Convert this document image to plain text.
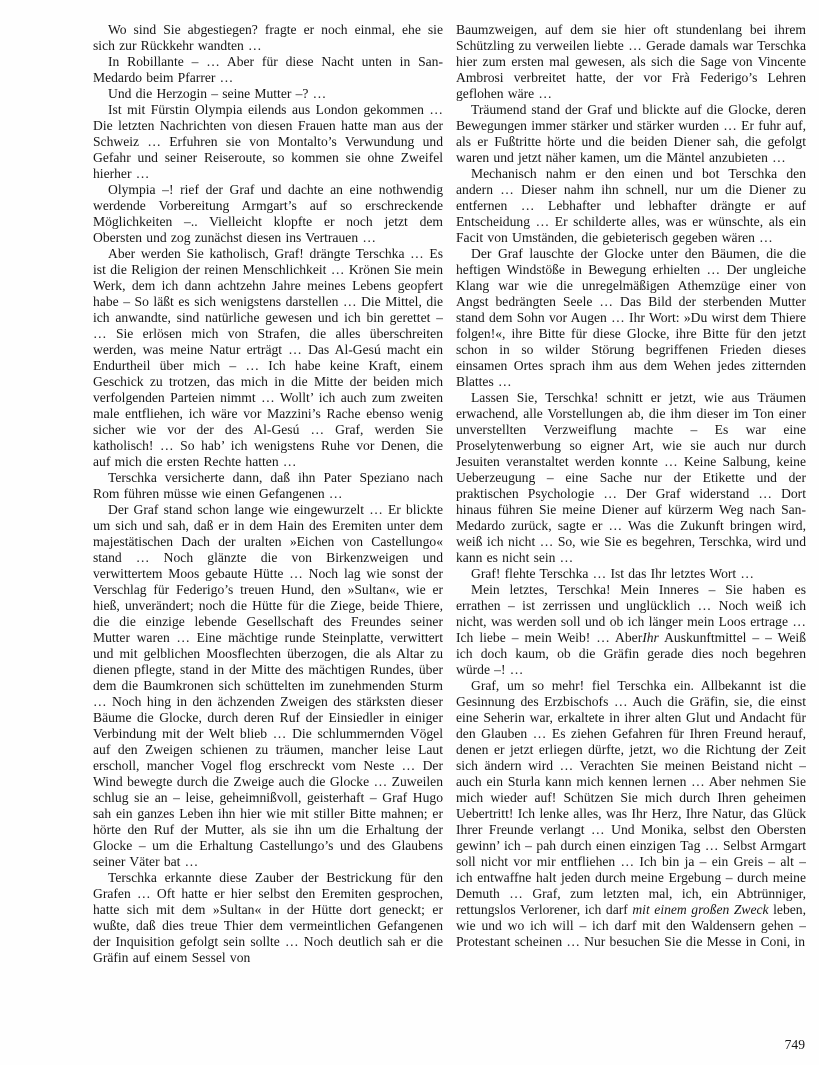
Wo sind Sie abgestiegen? fragte er noch einmal, ehe sie sich zur Rückkehr wandten …

In Robillante – … Aber für diese Nacht unten in San-Medardo beim Pfarrer …

Und die Herzogin – seine Mutter –? …

Ist mit Fürstin Olympia eilends aus London gekommen … Die letzten Nachrichten von diesen Frauen hatte man aus der Schweiz … Erfuhren sie von Montalto’s Verwundung und Gefahr und seiner Reiseroute, so kommen sie ohne Zweifel hierher …

Olympia –! rief der Graf und dachte an eine nothwendig werdende Vorbereitung Armgart’s auf so erschreckende Möglichkeiten –.. Vielleicht klopfte er noch jetzt dem Obersten und zog zunächst diesen ins Vertrauen …

Aber werden Sie katholisch, Graf! drängte Terschka … Es ist die Religion der reinen Menschlichkeit … Krönen Sie mein Werk, dem ich dann achtzehn Jahre meines Lebens geopfert habe – So läßt es sich wenigstens darstellen … Die Mittel, die ich anwandte, sind natürliche gewesen und ich bin gerettet – … Sie erlösen mich von Strafen, die alles überschreiten werden, was meine Natur erträgt … Das Al-Gesú macht ein Endurtheil über mich – … Ich habe keine Kraft, einem Geschick zu trotzen, das mich in die Mitte der beiden mich verfolgenden Parteien nimmt … Wollt’ ich auch zum zweiten male entfliehen, ich wäre vor Mazzini’s Rache ebenso wenig sicher wie vor der des Al-Gesú … Graf, werden Sie katholisch! … So hab’ ich wenigstens Ruhe vor Denen, die auf mich die ersten Rechte hatten …

Terschka versicherte dann, daß ihn Pater Speziano nach Rom führen müsse wie einen Gefangenen …

Der Graf stand schon lange wie eingewurzelt … Er blickte um sich und sah, daß er in dem Hain des Eremiten unter dem majestätischen Dach der uralten »Eichen von Castellungo« stand … Noch glänzte die von Birkenzweigen und verwittertem Moos gebaute Hütte … Noch lag wie sonst der Verschlag für Federigo’s treuen Hund, den »Sultan«, wie er hieß, unverändert; noch die Hütte für die Ziege, beide Thiere, die die einzige lebende Gesellschaft des Freundes seiner Mutter waren … Eine mächtige runde Steinplatte, verwittert und mit gelblichen Moosflechten überzogen, die als Altar zu dienen pflegte, stand in der Mitte des mächtigen Rundes, über dem die Baumkronen sich schüttelten im zunehmenden Sturm … Noch hing in den ächzenden Zweigen des stärksten dieser Bäume die Glocke, durch deren Ruf der Einsiedler in einiger Verbindung mit der Welt blieb … Die schlummernden Vögel auf den Zweigen schienen zu träumen, mancher leise Laut erscholl, mancher Vogel flog erschreckt vom Neste … Der Wind bewegte durch die Zweige auch die Glocke … Zuweilen schlug sie an – leise, geheimnißvoll, geisterhaft – Graf Hugo sah ein ganzes Leben ihn hier wie mit stiller Bitte mahnen; er hörte den Ruf der Mutter, als sie ihn um die Erhaltung der Glocke – um die Erhaltung Castellungo’s und des Glaubens seiner Väter bat …

Terschka erkannte diese Zauber der Bestrickung für den Grafen … Oft hatte er hier selbst den Eremiten gesprochen, hatte sich mit dem »Sultan« in der Hütte dort geneckt; er wußte, daß dies treue Thier dem vermeintlichen Gefangenen der Inquisition gefolgt sein sollte … Noch deutlich sah er die Gräfin auf einem Sessel von

Baumzweigen, auf dem sie hier oft stundenlang bei ihrem Schützling zu verweilen liebte … Gerade damals war Terschka hier zum ersten mal gewesen, als sich die Sage von Vincente Ambrosi verbreitet hatte, der vor Frà Federigo’s Lehren geflohen wäre …

Träumend stand der Graf und blickte auf die Glocke, deren Bewegungen immer stärker und stärker wurden … Er fuhr auf, als er Fußtritte hörte und die beiden Diener sah, die gefolgt waren und jetzt näher kamen, um die Mäntel anzubieten …

Mechanisch nahm er den einen und bot Terschka den andern … Dieser nahm ihn schnell, nur um die Diener zu entfernen … Lebhafter und lebhafter drängte er auf Entscheidung … Er schilderte alles, was er wünschte, als ein Facit von Umständen, die gebieterisch gegeben wären …

Der Graf lauschte der Glocke unter den Bäumen, die die heftigen Windstöße in Bewegung erhielten … Der ungleiche Klang war wie die unregelmäßigen Athemzüge einer von Angst bedrängten Seele … Das Bild der sterbenden Mutter stand dem Sohn vor Augen … Ihr Wort: »Du wirst dem Thiere folgen!«, ihre Bitte für diese Glocke, ihre Bitte für den jetzt schon in so wilder Störung begriffenen Frieden dieses einsamen Ortes sprach ihm aus dem Wehen jedes zitternden Blattes …

Lassen Sie, Terschka! schnitt er jetzt, wie aus Träumen erwachend, alle Vorstellungen ab, die ihm dieser im Ton einer unverstellten Verzweiflung machte – Es war eine Proselytenwerbung so eigner Art, wie sie auch nur durch Jesuiten veranstaltet werden konnte … Keine Salbung, keine Ueberzeugung – eine Sache nur der Etikette und der praktischen Psychologie … Der Graf widerstand … Dort hinaus führen Sie meine Diener auf kürzerm Weg nach San-Medardo zurück, sagte er … Was die Zukunft bringen wird, weiß ich nicht … So, wie Sie es begehren, Terschka, wird und kann es nicht sein …

Graf! flehte Terschka … Ist das Ihr letztes Wort …

Mein letztes, Terschka! Mein Inneres – Sie haben es errathen – ist zerrissen und unglücklich … Noch weiß ich nicht, was werden soll und ob ich länger mein Loos ertrage … Ich liebe – mein Weib! … AberIhr Auskunftmittel – – Weiß ich doch kaum, ob die Gräfin gerade dies noch begehren würde –! …

Graf, um so mehr! fiel Terschka ein. Allbekannt ist die Gesinnung des Erzbischofs … Auch die Gräfin, sie, die einst eine Seherin war, erkaltete in ihrer alten Glut und Andacht für den Glauben … Es ziehen Gefahren für Ihren Freund herauf, denen er jetzt erliegen dürfte, jetzt, wo die Richtung der Zeit sich ändern wird … Verachten Sie meinen Beistand nicht – auch ein Sturla kann mich kennen lernen … Aber nehmen Sie mich wieder auf! Schützen Sie mich durch Ihren geheimen Uebertritt! Ich lenke alles, was Ihr Herz, Ihre Natur, das Glück Ihrer Freunde verlangt … Und Monika, selbst den Obersten gewinn’ ich – pah durch einen einzigen Tag … Selbst Armgart soll nicht vor mir entfliehen … Ich bin ja – ein Greis – alt – ich entwaffne halt jeden durch meine Ergebung – durch meine Demuth … Graf, zum letzten mal, ich, ein Abtrünniger, rettungslos Verlorener, ich darf mit einem großen Zweck leben, wie und wo ich will – ich darf mit den Waldensern gehen – Protestant scheinen … Nur besuchen Sie die Messe in Coni, in

749
